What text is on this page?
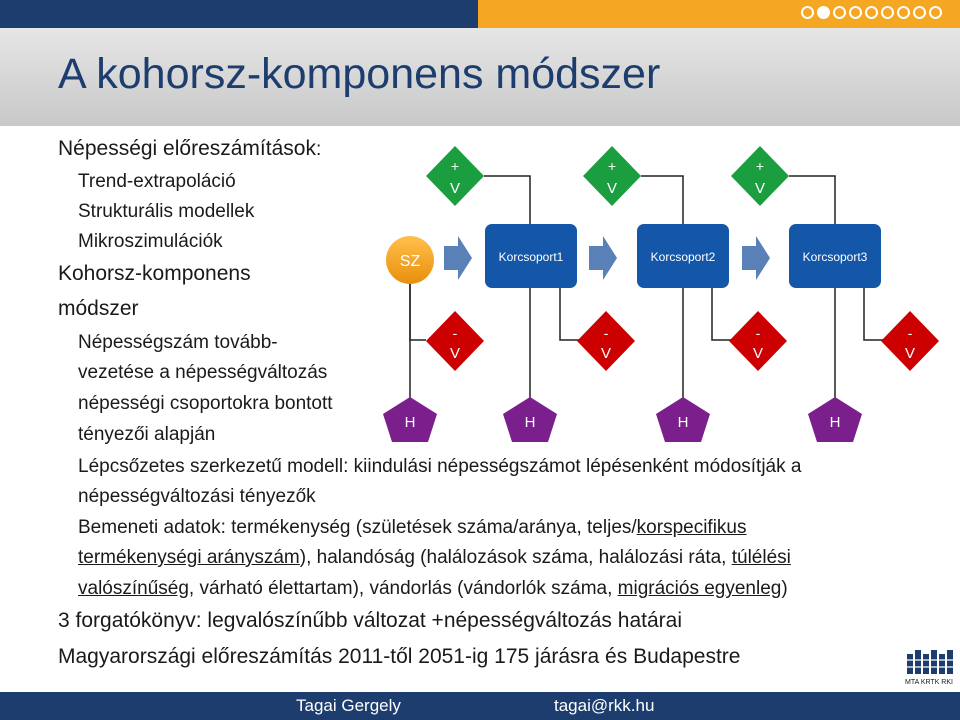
A kohorsz-komponens módszer
Népességi előreszámítások:
Trend-extrapoláció
Strukturális modellek
Mikroszimulációk
Kohorsz-komponens
módszer
Népességszám tovább-
vezetése a népességváltozás
népességi csoportokra bontott
tényezői alapján
+
V
+
V
+
V
SZ	Korcsoport1	Korcsoport2	Korcsoport3
-
V
-
V
-
V
-
V
H	H	H	H
Lépcsőzetes szerkezetű modell: kiindulási népességszámot lépésenként módosítják a
népességváltozási tényezők
Bemeneti adatok: termékenység (születések száma/aránya, teljes/korspecifikus
termékenységi arányszám), halandóság (halálozások száma, halálozási ráta, túlélési
valószínűség, várható élettartam), vándorlás (vándorlók száma, migrációs egyenleg)
3 forgatókönyv: legvalószínűbb változat +népességváltozás határai
Magyarországi előreszámítás 2011-től 2051-ig 175 járásra és Budapestre
MTA KRTK RKI
Tagai Gergely	tagai@rkk.hu
